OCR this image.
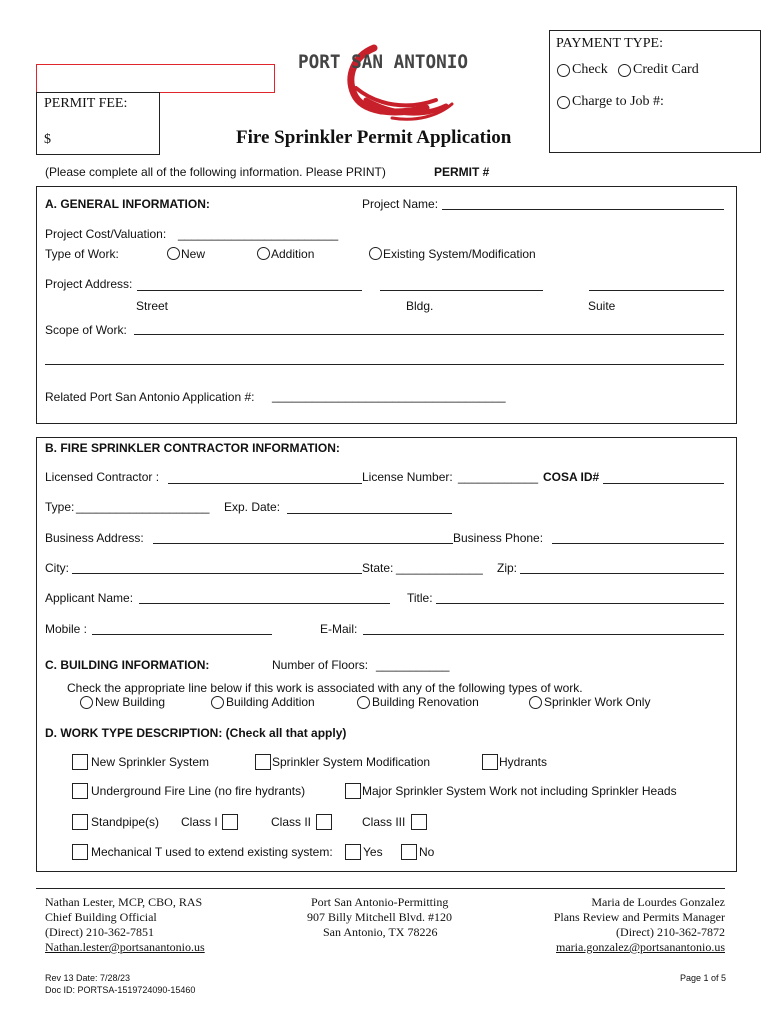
PAYMENT TYPE:
Check Credit Card
Charge to Job #:
PERMIT FEE:
$
PORT SAN ANTONIO
Fire Sprinkler Permit Application
(Please complete all of the following information. Please PRINT)	PERMIT #
A. GENERAL INFORMATION:	Project Name:
Project Cost/Valuation: ________________________
Type of Work:	New	Addition	Existing System/Modification
Project Address:
Street	Bldg.	Suite
Scope of Work:
Related Port San Antonio Application #: ___________________________________
B. FIRE SPRINKLER CONTRACTOR INFORMATION:
Licensed Contractor :	License Number: ____________ COSA ID#
Type: ____________________ Exp. Date:
Business Address:	Business Phone:
City:	State: _____________ Zip:
Applicant Name:	Title:
Mobile :	E-Mail:
C. BUILDING INFORMATION:	Number of Floors: ___________
Check the appropriate line below if this work is associated with any of the following types of work.
New Building	Building Addition	Building Renovation	Sprinkler Work Only
D. WORK TYPE DESCRIPTION: (Check all that apply)
New Sprinkler System	Sprinkler System Modification	Hydrants
Underground Fire Line (no fire hydrants)	Major Sprinkler System Work not including Sprinkler Heads
Standpipe(s) Class I	Class II	Class III
Mechanical T used to extend existing system:	Yes	No
Nathan Lester, MCP, CBO, RAS
Chief Building Official
(Direct) 210-362-7851
Nathan.lester@portsanantonio.us
Port San Antonio-Permitting
907 Billy Mitchell Blvd. #120
San Antonio, TX 78226
Maria de Lourdes Gonzalez
Plans Review and Permits Manager
(Direct) 210-362-7872
maria.gonzalez@portsanantonio.us
Rev 13 Date: 7/28/23
Doc ID: PORTSA-1519724090-15460
Page 1 of 5
